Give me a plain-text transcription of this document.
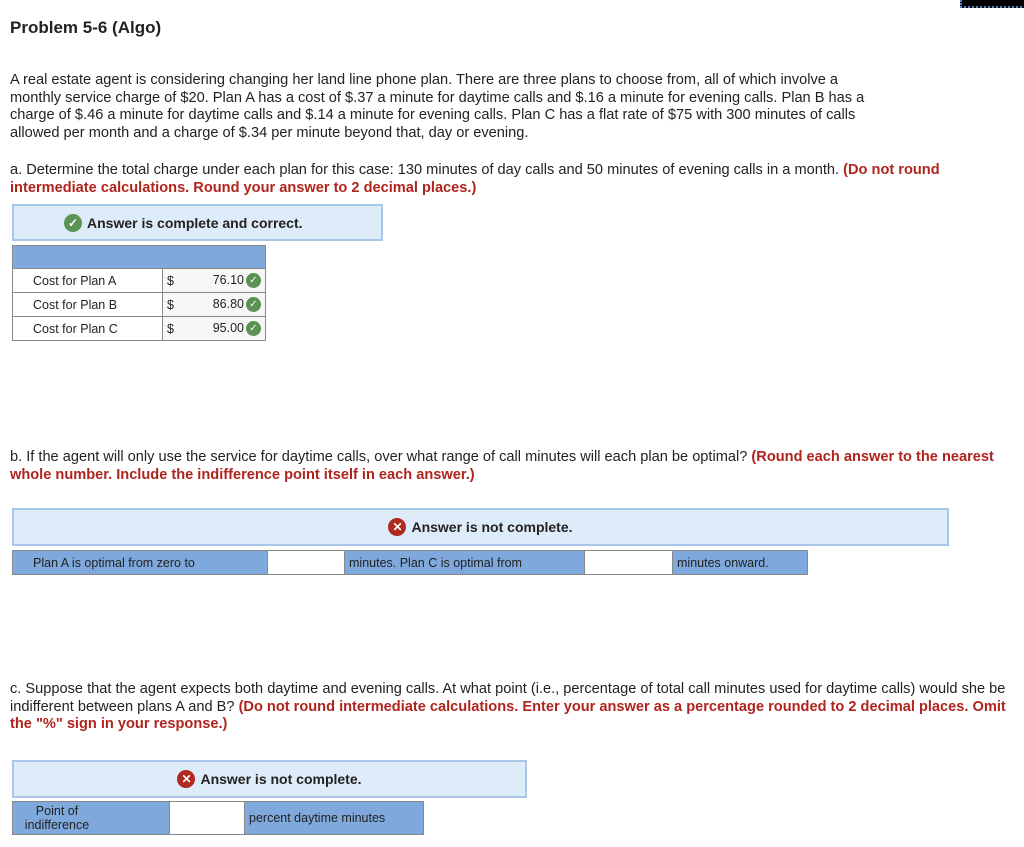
Problem 5-6 (Algo)
A real estate agent is considering changing her land line phone plan. There are three plans to choose from, all of which involve a
monthly service charge of $20. Plan A has a cost of $.37 a minute for daytime calls and $.16 a minute for evening calls. Plan B has a
charge of $.46 a minute for daytime calls and $.14 a minute for evening calls. Plan C has a flat rate of $75 with 300 minutes of calls
allowed per month and a charge of $.34 per minute beyond that, day or evening.

a. Determine the total charge under each plan for this case: 130 minutes of day calls and 50 minutes of evening calls in a month. (Do not round intermediate calculations. Round your answer to 2 decimal places.)

✓ Answer is complete and correct.

Cost for Plan A	$	76.10 ✓
Cost for Plan B	$	86.80 ✓
Cost for Plan C	$	95.00 ✓

b. If the agent will only use the service for daytime calls, over what range of call minutes will each plan be optimal? (Round each answer to the nearest whole number. Include the indifference point itself in each answer.)

✕ Answer is not complete.
Plan A is optimal from zero to		minutes. Plan C is optimal from		minutes onward.

c. Suppose that the agent expects both daytime and evening calls. At what point (i.e., percentage of total call minutes used for daytime calls) would she be indifferent between plans A and B? (Do not round intermediate calculations. Enter your answer as a percentage rounded to 2 decimal places. Omit the "%" sign in your response.)

✕ Answer is not complete.
Point of indifference		percent daytime minutes
